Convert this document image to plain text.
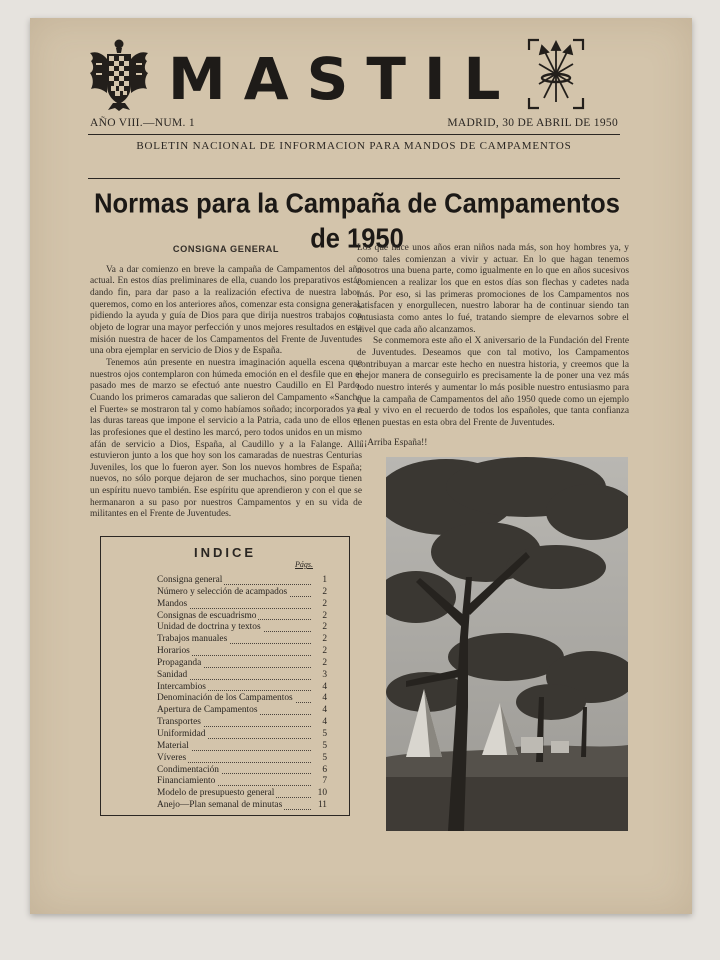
MASTIL
AÑO VIII.—NUM. 1	MADRID, 30 DE ABRIL DE 1950
BOLETIN NACIONAL DE INFORMACION PARA MANDOS DE CAMPAMENTOS
Normas para la Campaña de Campamentos de 1950
CONSIGNA GENERAL

Va a dar comienzo en breve la campaña de Campamentos del año actual. En estos días preliminares de ella, cuando los preparativos están dando fin, para dar paso a la realización efectiva de nuestra labor, queremos, como en los anteriores años, comenzar esta consigna general, pidiendo la ayuda y guía de Dios para que dirija nuestros trabajos con objeto de lograr una mayor perfección y unos mejores resultados en esta misión nuestra de hacer de los Campamentos del Frente de Juventudes una obra ejemplar en servicio de Dios y de España.

Tenemos aún presente en nuestra imaginación aquella escena que nuestros ojos contemplaron con húmeda emoción en el desfile que en el pasado mes de marzo se efectuó ante nuestro Caudillo en El Pardo. Cuando los primeros camaradas que salieron del Campamento «Sancho el Fuerte» se mostraron tal y como habíamos soñado; incorporados ya a las duras tareas que impone el servicio a la Patria, cada uno de ellos en las profesiones que el destino les marcó, pero todos unidos en un mismo afán de servicio a Dios, España, al Caudillo y a la Falange. Allí estuvieron junto a los que hoy son los camaradas de nuestras Centurias Juveniles, los que lo fueron ayer. Son los nuevos hombres de España; nuevos, no sólo porque dejaron de ser muchachos, sino porque tienen un espíritu nuevo también. Ese espíritu que aprendieron y con el que se hermanaron a su paso por nuestros Campamentos y en su vida de militantes en el Frente de Juventudes.

Los que hace unos años eran niños nada más, son hoy hombres ya, y como tales comienzan a vivir y actuar. En lo que hagan tenemos nosotros una buena parte, como igualmente en lo que en años sucesivos comiencen a realizar los que en estos días son flechas y cadetes nada más. Por eso, si las primeras promociones de los Campamentos nos satisfacen y enorgullecen, nuestro laborar ha de continuar siendo tan entusiasta como antes lo fué, tratando siempre de elevarnos sobre el nivel que cada año alcanzamos.

Se conmemora este año el X aniversario de la Fundación del Frente de Juventudes. Deseamos que con tal motivo, los Campamentos contribuyan a marcar este hecho en nuestra historia, y creemos que la mejor manera de conseguirlo es precisamente la de poner una vez más todo nuestro interés y aumentar lo más posible nuestro entusiasmo para que la campaña de Campamentos del año 1950 quede como un ejemplo real y vivo en el recuerdo de todos los españoles, que tanta confianza tienen puestas en esta obra del Frente de Juventudes.

¡¡Arriba España!!

INDICE
Págs.
Consigna general	1
Número y selección de acampados	2
Mandos	2
Consignas de escuadrismo	2
Unidad de doctrina y textos	2
Trabajos manuales	2
Horarios	2
Propaganda	2
Sanidad	3
Intercambios	4
Denominación de los Campamentos	4
Apertura de Campamentos	4
Transportes	4
Uniformidad	5
Material	5
Víveres	5
Condimentación	6
Financiamiento	7
Modelo de presupuesto general	10
Anejo—Plan semanal de minutas	11
